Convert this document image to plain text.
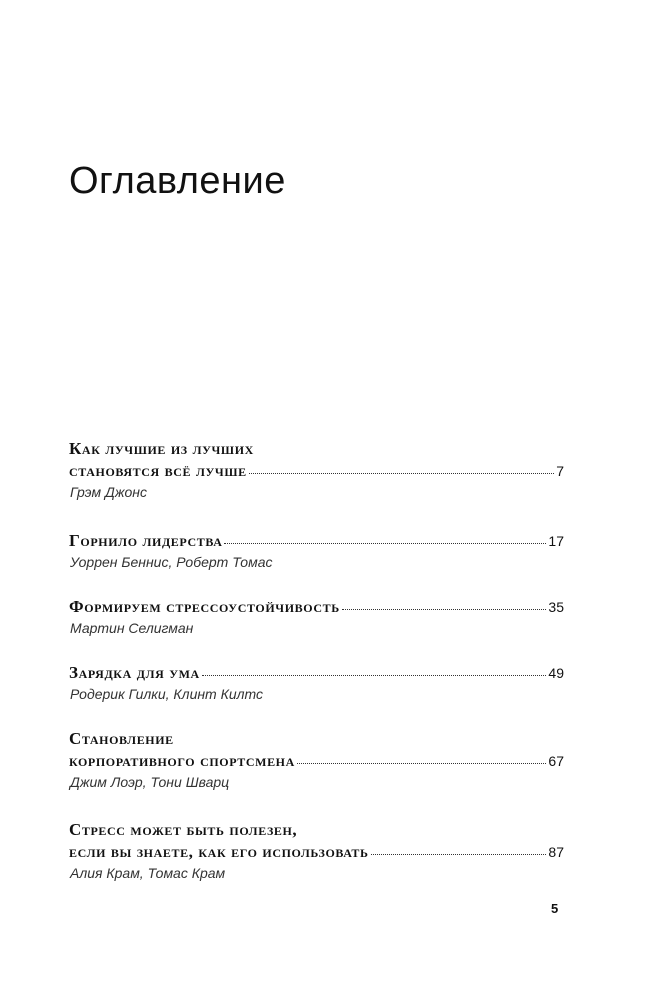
Оглавление
Как лучшие из лучших
становятся всё лучше	7
Грэм Джонс
Горнило лидерства	17
Уоррен Беннис, Роберт Томас
Формируем стрессоустойчивость	35
Мартин Селигман
Зарядка для ума	49
Родерик Гилки, Клинт Килтс
Становление
корпоративного спортсмена	67
Джим Лоэр, Тони Шварц
Стресс может быть полезен,
если вы знаете, как его использовать	87
Алия Крам, Томас Крам
5
